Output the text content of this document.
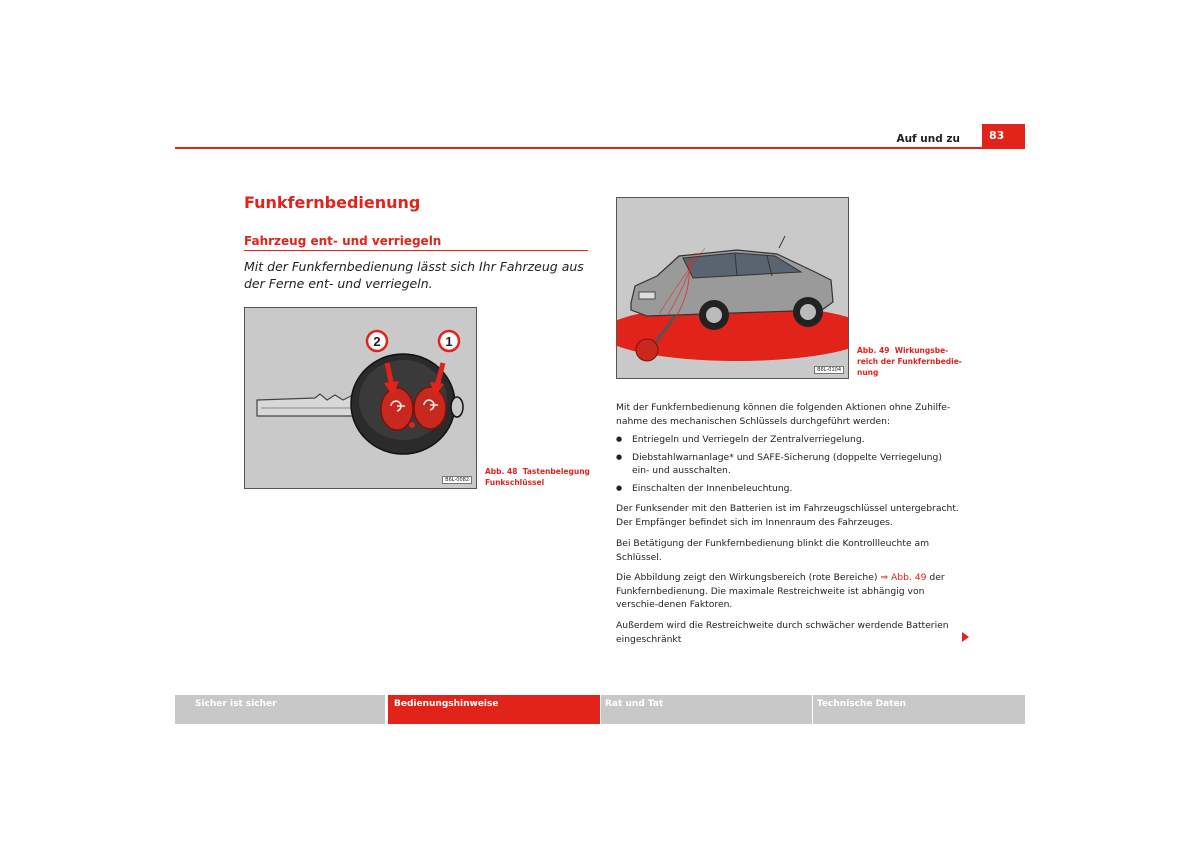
Auf und zu	83
Funkfernbedienung
Fahrzeug ent- und verriegeln
Mit der Funkfernbedienung lässt sich Ihr Fahrzeug aus der Ferne ent- und verriegeln.
2	1
B6L-0082
Abb. 48 Tastenbelegung Funkschlüssel
B6L-0104
Abb. 49 Wirkungsbe-reich der Funkfernbedie-nung
Mit der Funkfernbedienung können die folgenden Aktionen ohne Zuhilfe-nahme des mechanischen Schlüssels durchgeführt werden:
● Entriegeln und Verriegeln der Zentralverriegelung.
● Diebstahlwarnanlage* und SAFE-Sicherung (doppelte Verriegelung) ein- und ausschalten.
● Einschalten der Innenbeleuchtung.
Der Funksender mit den Batterien ist im Fahrzeugschlüssel untergebracht. Der Empfänger befindet sich im Innenraum des Fahrzeuges.
Bei Betätigung der Funkfernbedienung blinkt die Kontrollleuchte am Schlüssel.
Die Abbildung zeigt den Wirkungsbereich (rote Bereiche) ⇒ Abb. 49 der Funkfernbedienung. Die maximale Restreichweite ist abhängig von verschie-denen Faktoren.
Außerdem wird die Restreichweite durch schwächer werdende Batterien eingeschränkt
Sicher ist sicher	Bedienungshinweise	Rat und Tat	Technische Daten
